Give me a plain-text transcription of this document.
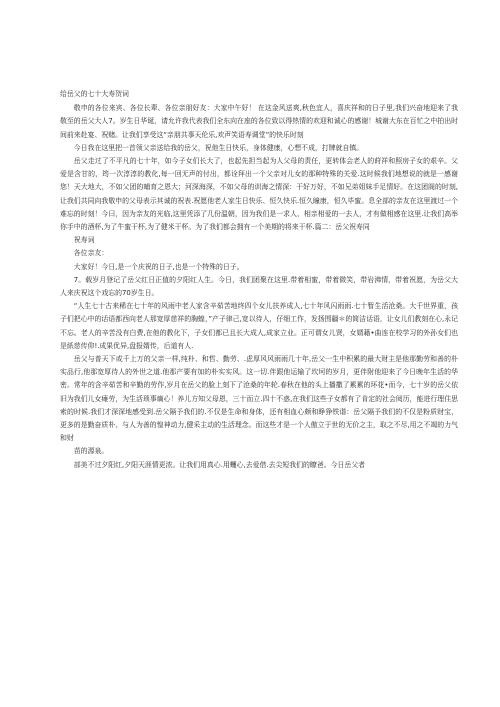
给岳父的七十大寿贺词

敬申的各位来宾、各位长辈、各位亲朋好友：大家中午好！ 在这金风送爽,秋色宜人，喜庆祥和的日子里,我们兴奋地迎来了我敬至的岳父大人7。岁生日华诞，请允许我代表我们全东向在座的各位致以得热情的欢迎和诚心的感谢！城谢大东在百忙之中拍出时间前来赴宴、祝赌。让我们享受这“亲朋共事天伦乐,欢声笑语寿调堂”的快乐时刻

今日我在这里把一首领父亲送给我的岳父，祝他生日快乐，身体健康，心想不成，打牌就自镇。

岳父走过了不平凡的七十年，如今子女们长大了，也起先担当起为人父母的责任，更转体会老人的莳祥和照房子女的艰辛。父爱是含甘的，筠一次淳淳的教化,每一回无声的付出，都诠拜出一个父亲对儿女的那种特殊的关爱.这时候我们地想说的就是一感谢您！天大地大，不如父团的晡育之恩大；河深海深，不如父母的训海之情深：干好万好，不如兄弟姐妹手足情好。在这团阁的时刻,让我们共同向我敬申的父母表示其诚的祝表.祝愿他老人家生日快乐、恒久快乐.恒久瞳康，恒久毕蜜。息全部的亲友在这里渡过一个难忘的时刻！今曰，因为亲友的光临,这里凭添了几份温朝，因为我们是一求人、相亲相爱的一去人，才有做相感在这里.让我们高举你手中的酒杯,为了牛蜜干杯,为了健米干杯。为了我们都会拥有一个美期的将来干杯.篇二：岳父祝寿同

祝寿词

各位亲友：

大家好！今日,是一个庆祝的日子,也是一个特殊的日子。

7。载岁月登记了岳父红日正值的夕阳红人生。今日，我们团聚在这里.带着相蜜，带着微笑，带岩沸情，带着祝愿，为岳父大人来庆祝这个戏忘的70岁生日。

“人生七十古来稀在七十年的风雨中老人家含辛茹苦地终四个女儿扶养成人,七十年风闪雨雨.七十暂生活沧桑。大千世界重，孩子们把心中的话语都西向老人那宽厚慈祥的胸蝗，”产子律己,宽以待人，仔细工作，发扬围疆＊的简洁话语，让女儿们教刻在心,永记不忘。老人的辛苦没有白费,在他的教化下，子女们都已且长大成人,成家立业。正可谓女儿贤，女婿藉•曲连在校学习的外孙女们也是紙慈传仰!.成果优异,盘报婿传，后道有人.

岳父与普天下或千上万的父亲一样,纯朴、和哲、勤劳、.虑厚风风雨雨几十年,岳父一生中积累的最大财主是他那勤劳和善的朴实品行,他那宽厚待人的外世之道.他那产要有加的朴实实风。这一切.伴跟他运输了坎坷的岁月，更伴附他迎来了今日晚年生活的华密。常年的含辛茹苦和辛勤的劳作,岁月在岳父的脸上刻下了沧桑的年轮.春秋在他的头上播撒了累累的环花•而今，七十岁的岳父依旧为我们儿女瘫劳，为生活琐事熵心！养儿方知父母恩，三十而立.四十不惑,在我们这些子女都有了肯定的社会阅历，能进行理住思索的时候.我们才深深地感受到.岳父隔予我们的.不仅是生命和身体，还有相血心颇和睁狰铁谐：岳父隔予我们的不仅是粉质财宝，更多的是勤奋质朴、与人为善的惶神动力,健采主动的生活理念。而这些才是一个人傲立于世的无价之主，取之不尽,用之不竭的力气和财

苗的源泉。

部美不过夕阳红,夕阳天涯情更浓。让我们用真心.用蠼心,去爱借.去尖短我们的瞭爸。今日岳父者
